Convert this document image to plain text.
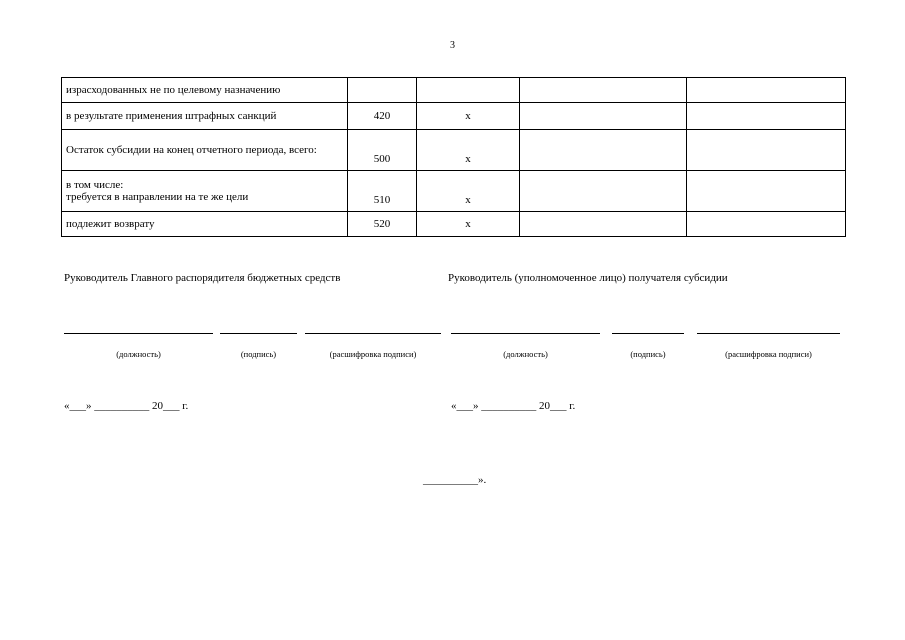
3
израсходованных не по целевому назначению				
в результате применения штрафных санкций	420	x		
Остаток субсидии на конец отчетного периода, всего:	500	x		

в том числе:
требуется в направлении на те же цели	510	x		
подлежит возврату	520	x		
Руководитель Главного распорядителя бюджетных средств	Руководитель (уполномоченное лицо) получателя субсидии
(должность)	(подпись)	(расшифровка подписи)	(должность)	(подпись)	(расшифровка подписи)
«___» __________ 20___ г.	«___» __________ 20___ г.
__________».
